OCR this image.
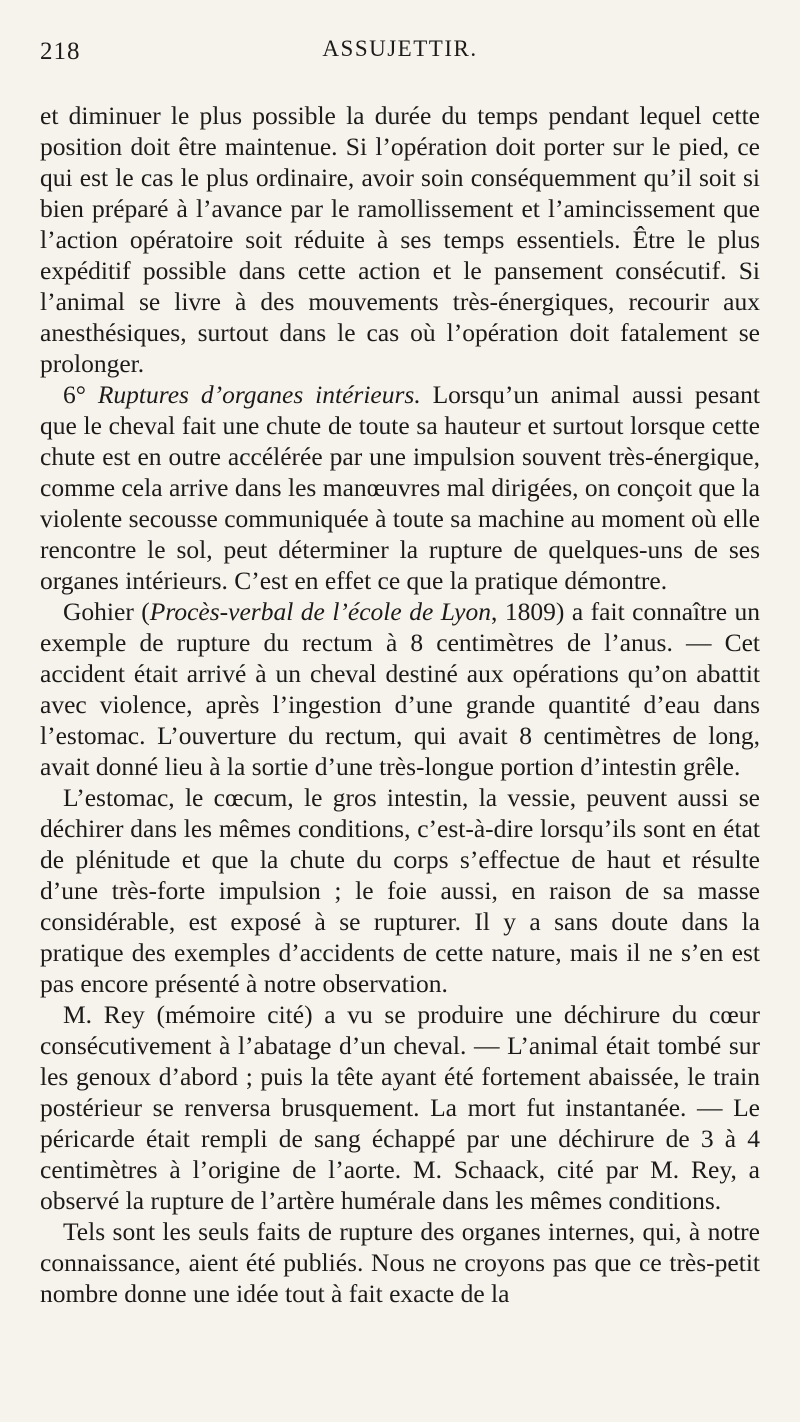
218	ASSUJETTIR.

et diminuer le plus possible la durée du temps pendant lequel cette position doit être maintenue. Si l’opération doit porter sur le pied, ce qui est le cas le plus ordinaire, avoir soin conséquemment qu’il soit si bien préparé à l’avance par le ramollissement et l’amincissement que l’action opératoire soit réduite à ses temps essentiels. Être le plus expéditif possible dans cette action et le pansement consécutif. Si l’animal se livre à des mouvements très-énergiques, recourir aux anesthésiques, surtout dans le cas où l’opération doit fatalement se prolonger.

6° Ruptures d’organes intérieurs. Lorsqu’un animal aussi pesant que le cheval fait une chute de toute sa hauteur et surtout lorsque cette chute est en outre accélérée par une impulsion souvent très-énergique, comme cela arrive dans les manœuvres mal dirigées, on conçoit que la violente secousse communiquée à toute sa machine au moment où elle rencontre le sol, peut déterminer la rupture de quelques-uns de ses organes intérieurs. C’est en effet ce que la pratique démontre.

Gohier (Procès-verbal de l’école de Lyon, 1809) a fait connaître un exemple de rupture du rectum à 8 centimètres de l’anus. — Cet accident était arrivé à un cheval destiné aux opérations qu’on abattit avec violence, après l’ingestion d’une grande quantité d’eau dans l’estomac. L’ouverture du rectum, qui avait 8 centimètres de long, avait donné lieu à la sortie d’une très-longue portion d’intestin grêle.

L’estomac, le cœcum, le gros intestin, la vessie, peuvent aussi se déchirer dans les mêmes conditions, c’est-à-dire lorsqu’ils sont en état de plénitude et que la chute du corps s’effectue de haut et résulte d’une très-forte impulsion ; le foie aussi, en raison de sa masse considérable, est exposé à se rupturer. Il y a sans doute dans la pratique des exemples d’accidents de cette nature, mais il ne s’en est pas encore présenté à notre observation.

M. Rey (mémoire cité) a vu se produire une déchirure du cœur consécutivement à l’abatage d’un cheval. — L’animal était tombé sur les genoux d’abord ; puis la tête ayant été fortement abaissée, le train postérieur se renversa brusquement. La mort fut instantanée. — Le péricarde était rempli de sang échappé par une déchirure de 3 à 4 centimètres à l’origine de l’aorte. M. Schaack, cité par M. Rey, a observé la rupture de l’artère humérale dans les mêmes conditions.

Tels sont les seuls faits de rupture des organes internes, qui, à notre connaissance, aient été publiés. Nous ne croyons pas que ce très-petit nombre donne une idée tout à fait exacte de la
